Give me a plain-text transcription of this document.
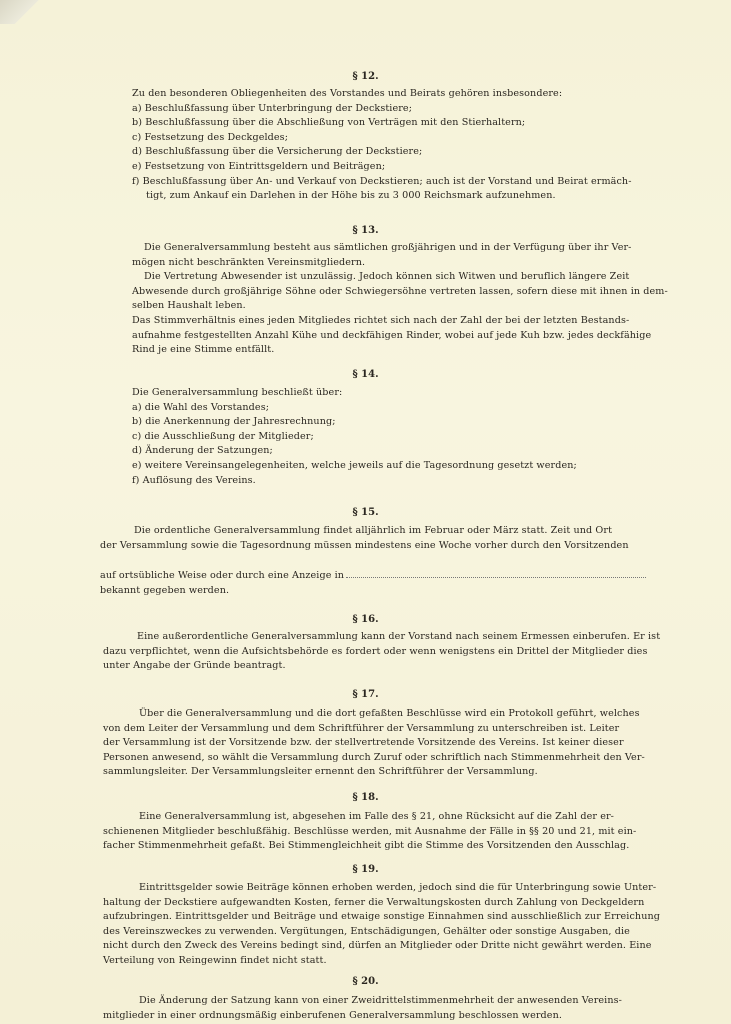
§ 12.
Zu den besonderen Obliegenheiten des Vorstandes und Beirats gehören insbesondere:
a) Beschlußfassung über Unterbringung der Deckstiere;
b) Beschlußfassung über die Abschließung von Verträgen mit den Stierhaltern;
c) Festsetzung des Deckgeldes;
d) Beschlußfassung über die Versicherung der Deckstiere;
e) Festsetzung von Eintrittsgeldern und Beiträgen;
f) Beschlußfassung über An- und Verkauf von Deckstieren; auch ist der Vorstand und Beirat ermäch-
tigt, zum Ankauf ein Darlehen in der Höhe bis zu 3 000 Reichsmark aufzunehmen.
§ 13.
Die Generalversammlung besteht aus sämtlichen großjährigen und in der Verfügung über ihr Ver-
mögen nicht beschränkten Vereinsmitgliedern.
Die Vertretung Abwesender ist unzulässig. Jedoch können sich Witwen und beruflich längere Zeit
Abwesende durch großjährige Söhne oder Schwiegersöhne vertreten lassen, sofern diese mit ihnen in dem-
selben Haushalt leben.
Das Stimmverhältnis eines jeden Mitgliedes richtet sich nach der Zahl der bei der letzten Bestands-
aufnahme festgestellten Anzahl Kühe und deckfähigen Rinder, wobei auf jede Kuh bzw. jedes deckfähige
Rind je eine Stimme entfällt.
§ 14.
Die Generalversammlung beschließt über:
a) die Wahl des Vorstandes;
b) die Anerkennung der Jahresrechnung;
c) die Ausschließung der Mitglieder;
d) Änderung der Satzungen;
e) weitere Vereinsangelegenheiten, welche jeweils auf die Tagesordnung gesetzt werden;
f) Auflösung des Vereins.
§ 15.
Die ordentliche Generalversammlung findet alljährlich im Februar oder März statt. Zeit und Ort
der Versammlung sowie die Tagesordnung müssen mindestens eine Woche vorher durch den Vorsitzenden
auf ortsübliche Weise oder durch eine Anzeige in
bekannt gegeben werden.
§ 16.
Eine außerordentliche Generalversammlung kann der Vorstand nach seinem Ermessen einberufen. Er ist
dazu verpflichtet, wenn die Aufsichtsbehörde es fordert oder wenn wenigstens ein Drittel der Mitglieder dies
unter Angabe der Gründe beantragt.
§ 17.
Über die Generalversammlung und die dort gefaßten Beschlüsse wird ein Protokoll geführt, welches
von dem Leiter der Versammlung und dem Schriftführer der Versammlung zu unterschreiben ist. Leiter
der Versammlung ist der Vorsitzende bzw. der stellvertretende Vorsitzende des Vereins. Ist keiner dieser
Personen anwesend, so wählt die Versammlung durch Zuruf oder schriftlich nach Stimmenmehrheit den Ver-
sammlungsleiter. Der Versammlungsleiter ernennt den Schriftführer der Versammlung.
§ 18.
Eine Generalversammlung ist, abgesehen im Falle des § 21, ohne Rücksicht auf die Zahl der er-
schienenen Mitglieder beschlußfähig. Beschlüsse werden, mit Ausnahme der Fälle in §§ 20 und 21, mit ein-
facher Stimmenmehrheit gefaßt. Bei Stimmengleichheit gibt die Stimme des Vorsitzenden den Ausschlag.
§ 19.
Eintrittsgelder sowie Beiträge können erhoben werden, jedoch sind die für Unterbringung sowie Unter-
haltung der Deckstiere aufgewandten Kosten, ferner die Verwaltungskosten durch Zahlung von Deckgeldern
aufzubringen. Eintrittsgelder und Beiträge und etwaige sonstige Einnahmen sind ausschließlich zur Erreichung
des Vereinszweckes zu verwenden. Vergütungen, Entschädigungen, Gehälter oder sonstige Ausgaben, die
nicht durch den Zweck des Vereins bedingt sind, dürfen an Mitglieder oder Dritte nicht gewährt werden. Eine
Verteilung von Reingewinn findet nicht statt.
§ 20.
Die Änderung der Satzung kann von einer Zweidrittelstimmenmehrheit der anwesenden Vereins-
mitglieder in einer ordnungsmäßig einberufenen Generalversammlung beschlossen werden.
